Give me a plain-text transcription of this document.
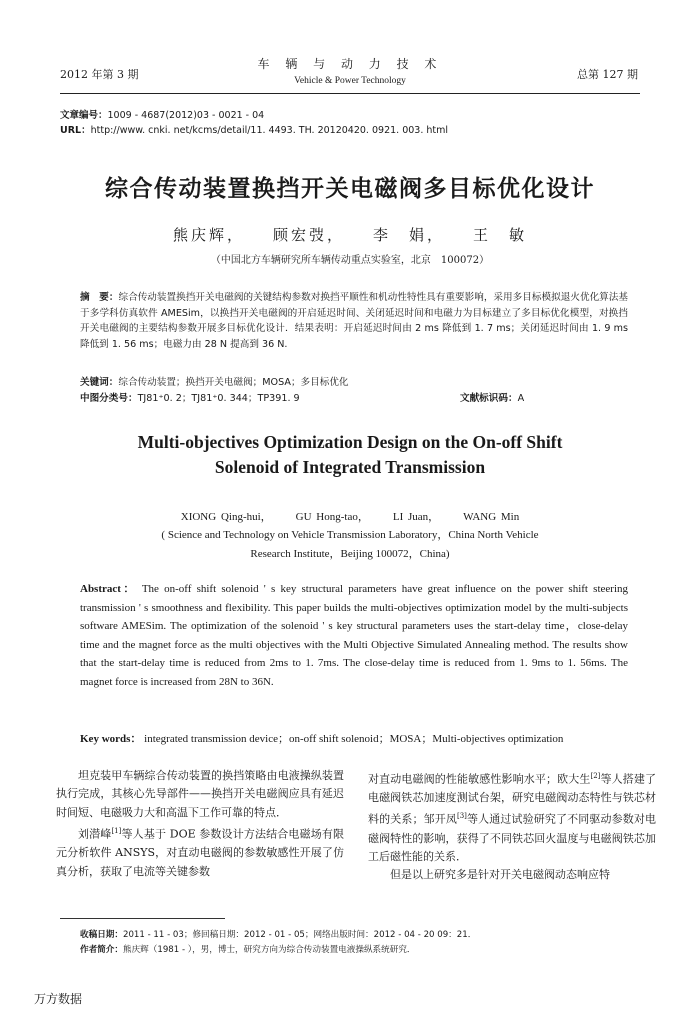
2012 年第 3 期
车 辆 与 动 力 技 术
Vehicle & Power Technology	总第 127 期
文章编号：1009 - 4687(2012)03 - 0021 - 04
URL：http://www. cnki. net/kcms/detail/11. 4493. TH. 20120420. 0921. 003. html
综合传动装置换挡开关电磁阀多目标优化设计
熊庆辉， 顾宏弢， 李　娟， 王　敏
（中国北方车辆研究所车辆传动重点实验室，北京　100072）
摘　要：综合传动装置换挡开关电磁阀的关键结构参数对换挡平顺性和机动性特性具有重要影响，采用多目标模拟退火优化算法基于多学科仿真软件 AMESim，以换挡开关电磁阀的开启延迟时间、关闭延迟时间和电磁力为目标建立了多目标优化模型，对换挡开关电磁阀的主要结构参数开展多目标优化设计．结果表明：开启延迟时间由 2 ms 降低到 1. 7 ms；关闭延迟时间由 1. 9 ms 降低到 1. 56 ms；电磁力由 28 N 提高到 36 N.
关键词：综合传动装置；换挡开关电磁阀；MOSA；多目标优化
中图分类号：TJ81⁺0. 2；TJ81⁺0. 344；TP391. 9	文献标识码：A
Multi-objectives Optimization Design on the On-off Shift Solenoid of Integrated Transmission
XIONG Qing-hui， GU Hong-tao， LI Juan， WANG Min
( Science and Technology on Vehicle Transmission Laboratory，China North Vehicle Research Institute，Beijing 100072，China)
Abstract： The on-off shift solenoid ' s key structural parameters have great influence on the power shift steering transmission ' s smoothness and flexibility. This paper builds the multi-objectives optimization model by the multi-subjects software AMESim. The optimization of the solenoid ' s key structural parameters uses the start-delay time，close-delay time and the magnet force as the multi objectives with the Multi Objective Simulated Annealing method. The results show that the start-delay time is reduced from 2ms to 1. 7ms. The close-delay time is reduced from 1. 9ms to 1. 56ms. The magnet force is increased from 28N to 36N.
Key words： integrated transmission device；on-off shift solenoid；MOSA；Multi-objectives optimization

坦克装甲车辆综合传动装置的换挡策略由电液操纵装置执行完成，其核心先导部件——换挡开关电磁阀应具有延迟时间短、电磁吸力大和高温下工作可靠的特点．

刘潜峰[1]等人基于 DOE 参数设计方法结合电磁场有限元分析软件 ANSYS，对直动电磁阀的参数敏感性开展了仿真分析，获取了电流等关键参数

对直动电磁阀的性能敏感性影响水平；欧大生[2]等人搭建了电磁阀铁芯加速度测试台架，研究电磁阀动态特性与铁芯材料的关系；邹开凤[3]等人通过试验研究了不同驱动参数对电磁阀特性的影响，获得了不同铁芯回火温度与电磁阀铁芯加工后磁性能的关系．

但是以上研究多是针对开关电磁阀动态响应特

收稿日期：2011 - 11 - 03；修回稿日期：2012 - 01 - 05；网络出版时间：2012 - 04 - 20 09：21．
作者简介：熊庆辉（1981 - ），男，博士，研究方向为综合传动装置电液操纵系统研究．
万方数据
